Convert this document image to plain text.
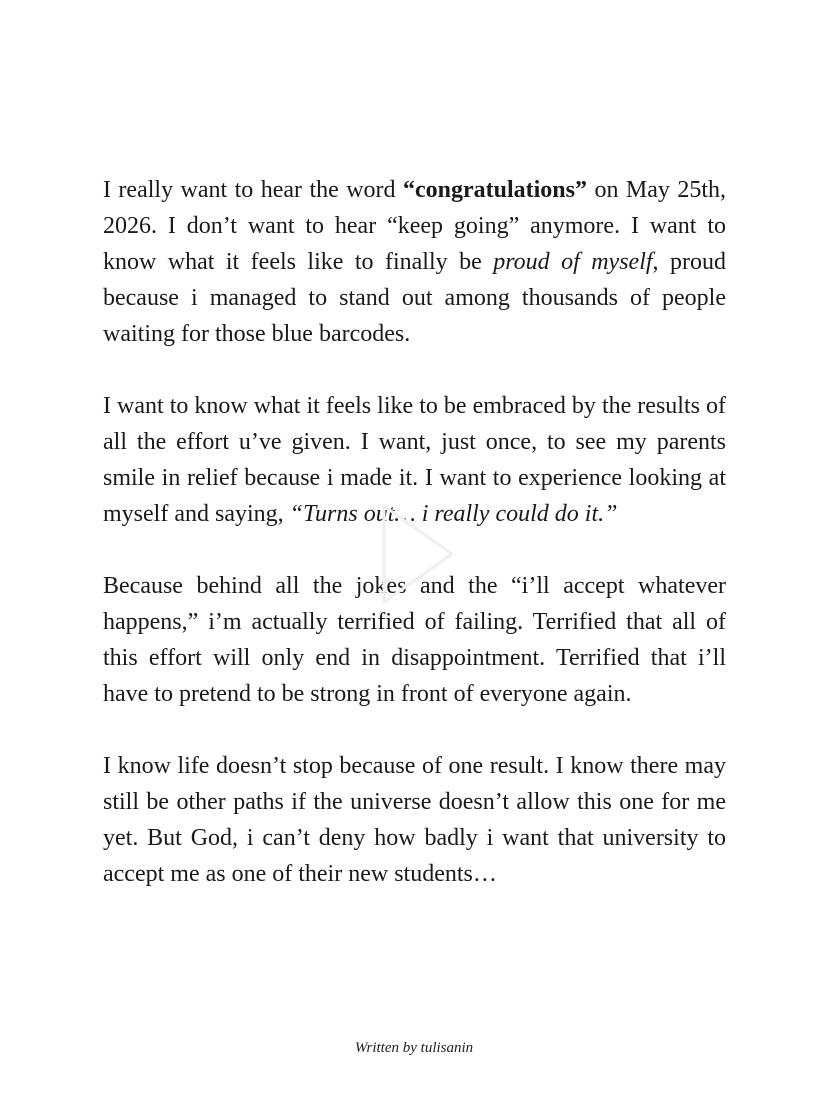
I really want to hear the word “congratulations” on May 25th, 2026. I don’t want to hear “keep going” anymore. I want to know what it feels like to finally be proud of myself, proud because i managed to stand out among thousands of people waiting for those blue barcodes.

I want to know what it feels like to be embraced by the results of all the effort u’ve given. I want, just once, to see my parents smile in relief because i made it. I want to experience looking at myself and saying, “Turns out… i really could do it.”

Because behind all the jokes and the “i’ll accept whatever happens,” i’m actually terrified of failing. Terrified that all of this effort will only end in disappointment. Terrified that i’ll have to pretend to be strong in front of everyone again.

I know life doesn’t stop because of one result. I know there may still be other paths if the universe doesn’t allow this one for me yet. But God, i can’t deny how badly i want that university to accept me as one of their new students…

Written by tulisanin
